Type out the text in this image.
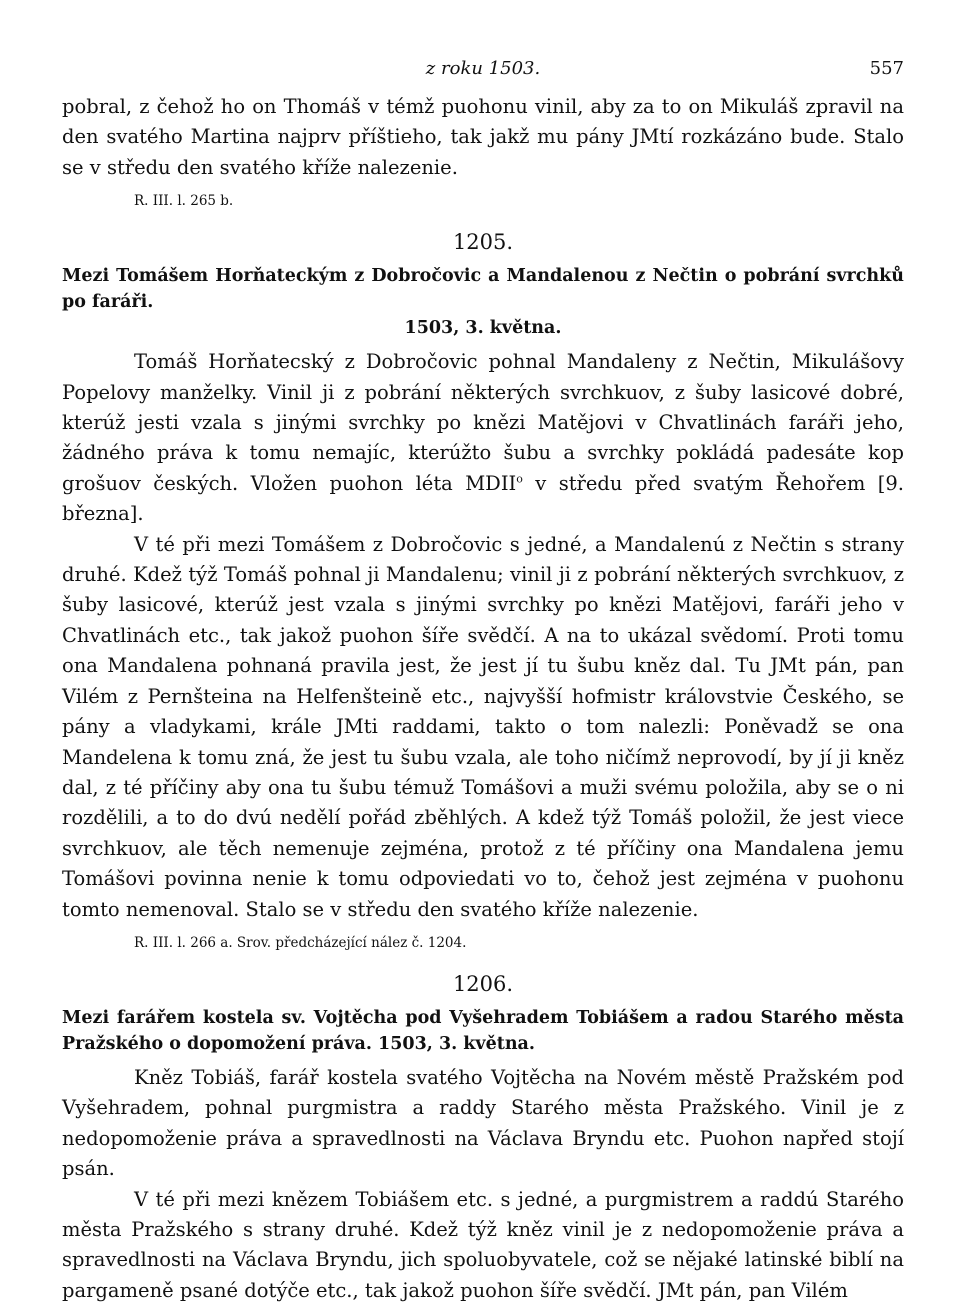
z roku 1503.	557

pobral, z čehož ho on Thomáš v témž puohonu vinil, aby za to on Mikuláš zpravil na den svatého Martina najprv příštieho, tak jakž mu pány JMtí rozkázáno bude. Stalo se v středu den svatého kříže nalezenie.

R. III. l. 265 b.

1205.
Mezi Tomášem Horňateckým z Dobročovic a Mandalenou z Nečtin o pobrání svrchků po faráři.
1503, 3. května.

Tomáš Horňatecský z Dobročovic pohnal Mandaleny z Nečtin, Mikulášovy Popelovy manželky. Vinil ji z pobrání některých svrchkuov, z šuby lasicové dobré, kterúž jesti vzala s jinými svrchky po knězi Matějovi v Chvatlinách faráři jeho, žádného práva k tomu nemajíc, kterúžto šubu a svrchky pokládá padesáte kop grošuov českých. Vložen puohon léta MDII$^o$ v středu před svatým Řehořem [9. března].

V té při mezi Tomášem z Dobročovic s jedné, a Mandalenú z Nečtin s strany druhé. Kdež týž Tomáš pohnal ji Mandalenu; vinil ji z pobrání některých svrchkuov, z šuby lasicové, kterúž jest vzala s jinými svrchky po knězi Matějovi, faráři jeho v Chvatlinách etc., tak jakož puohon šíře svědčí. A na to ukázal svědomí. Proti tomu ona Mandalena pohnaná pravila jest, že jest jí tu šubu kněz dal. Tu JMt pán, pan Vilém z Pernšteina na Helfenšteině etc., najvyšší hofmistr královstvie Českého, se pány a vladykami, krále JMti raddami, takto o tom nalezli: Poněvadž se ona Mandelena k tomu zná, že jest tu šubu vzala, ale toho ničímž neprovodí, by jí ji kněz dal, z té příčiny aby ona tu šubu témuž Tomášovi a muži svému položila, aby se o ni rozdělili, a to do dvú nedělí pořád zběhlých. A kdež týž Tomáš položil, že jest viece svrchkuov, ale těch nemenuje zejména, protož z té příčiny ona Mandalena jemu Tomášovi povinna nenie k tomu odpoviedati vo to, čehož jest zejména v puohonu tomto nemenoval. Stalo se v středu den svatého kříže nalezenie.

R. III. l. 266 a. Srov. předcházející nález č. 1204.

1206.
Mezi farářem kostela sv. Vojtěcha pod Vyšehradem Tobiášem a radou Starého města Pražského o dopomožení práva. 1503, 3. května.

Kněz Tobiáš, farář kostela svatého Vojtěcha na Novém městě Pražském pod Vyšehradem, pohnal purgmistra a raddy Starého města Pražského. Vinil je z nedopomoženie práva a spravedlnosti na Václava Bryndu etc. Puohon napřed stojí psán.

V té při mezi knězem Tobiášem etc. s jedné, a purgmistrem a raddú Starého města Pražského s strany druhé. Kdež týž kněz vinil je z nedopomoženie práva a spravedlnosti na Václava Bryndu, jich spoluobyvatele, což se nějaké latinské biblí na pargameně psané dotýče etc., tak jakož puohon šíře svědčí. JMt pán, pan Vilém
